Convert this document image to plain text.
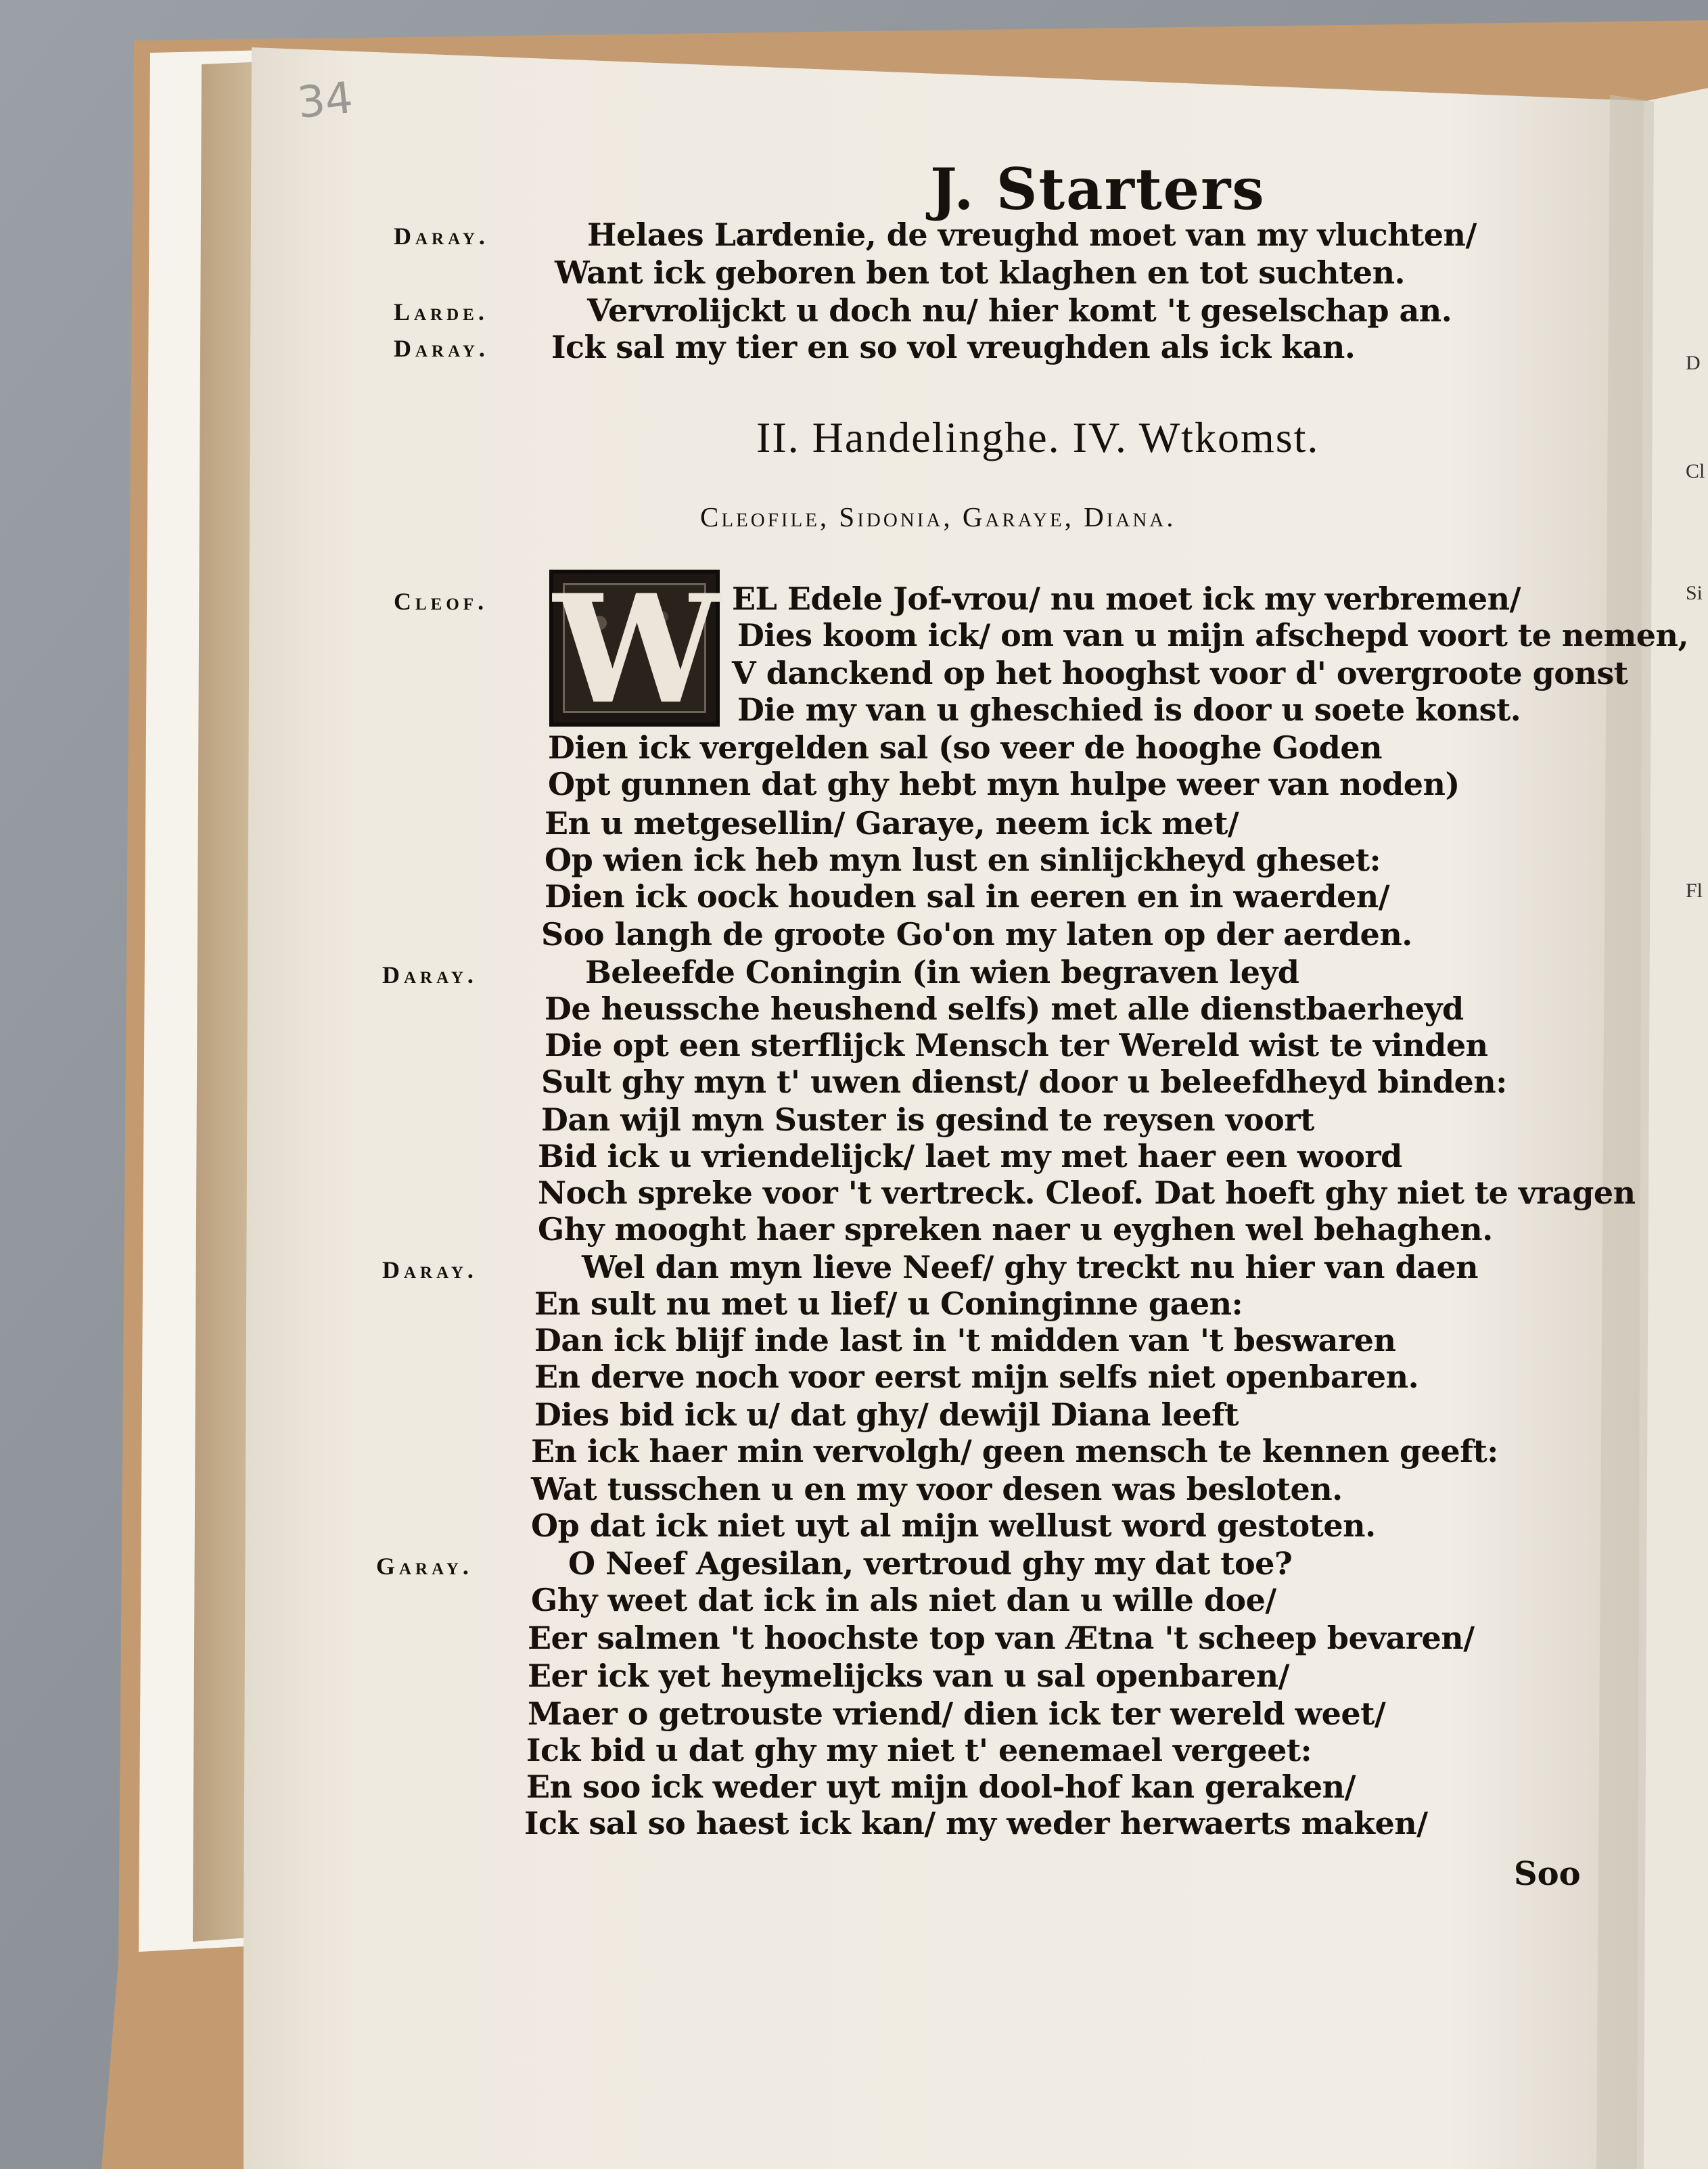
34
J. Starters
Daray.	Helaes Lardenie, de vreughd moet van my vluchten/
Want ick geboren ben tot klaghen en tot suchten.
Larde.	Vervrolijckt u doch nu/ hier komt 't geselschap an.
Daray. Ick sal my tier en so vol vreughden als ick kan.
II. Handelinghe. IV. Wtkomst.
Cleofile, Sidonia, Garaye, Diana.
W
Cleof.	EL Edele Jof-vrou/ nu moet ick my verbremen/
Dies koom ick/ om van u mijn afschepd voort te nemen,
V danckend op het hooghst voor d' overgroote gonst
Die my van u gheschied is door u soete konst.
Dien ick vergelden sal (so veer de hooghe Goden
Opt gunnen dat ghy hebt myn hulpe weer van noden)
En u metgesellin/ Garaye, neem ick met/
Op wien ick heb myn lust en sinlijckheyd gheset:
Dien ick oock houden sal in eeren en in waerden/
Soo langh de groote Go'on my laten op der aerden.
Daray.	Beleefde Coningin (in wien begraven leyd
De heussche heushend selfs) met alle dienstbaerheyd
Die opt een sterflijck Mensch ter Wereld wist te vinden
Sult ghy myn t' uwen dienst/ door u beleefdheyd binden:
Dan wijl myn Suster is gesind te reysen voort
Bid ick u vriendelijck/ laet my met haer een woord
Noch spreke voor 't vertreck. Cleof. Dat hoeft ghy niet te vragen
Ghy mooght haer spreken naer u eyghen wel behaghen.
Daray.	Wel dan myn lieve Neef/ ghy treckt nu hier van daen
En sult nu met u lief/ u Coninginne gaen:
Dan ick blijf inde last in 't midden van 't beswaren
En derve noch voor eerst mijn selfs niet openbaren.
Dies bid ick u/ dat ghy/ dewijl Diana leeft
En ick haer min vervolgh/ geen mensch te kennen geeft:
Wat tusschen u en my voor desen was besloten.
Op dat ick niet uyt al mijn wellust word gestoten.
Garay.	O Neef Agesilan, vertroud ghy my dat toe?
Ghy weet dat ick in als niet dan u wille doe/
Eer salmen 't hoochste top van Ætna 't scheep bevaren/
Eer ick yet heymelijcks van u sal openbaren/
Maer o getrouste vriend/ dien ick ter wereld weet/
Ick bid u dat ghy my niet t' eenemael vergeet:
En soo ick weder uyt mijn dool-hof kan geraken/
Ick sal so haest ick kan/ my weder herwaerts maken/
D
Cl
Si
Fl
Soo
